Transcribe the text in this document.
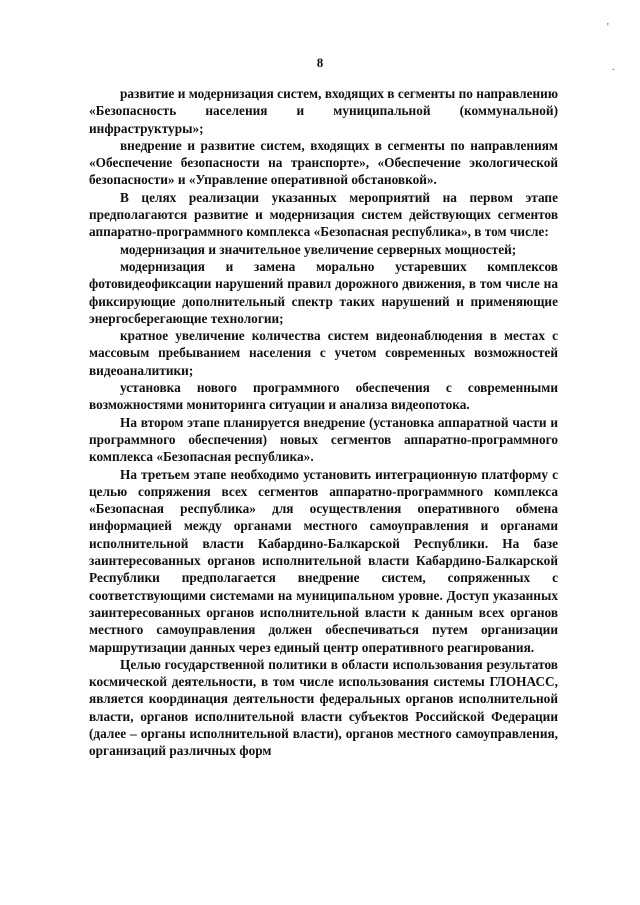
'
.
8

развитие и модернизация систем, входящих в сегменты по направлению «Безопасность населения и муниципальной (коммунальной) инфраструктуры»;

внедрение и развитие систем, входящих в сегменты по направлениям «Обеспечение безопасности на транспорте», «Обеспечение экологической безопасности» и «Управление оперативной обстановкой».

В целях реализации указанных мероприятий на первом этапе предполагаются развитие и модернизация систем действующих сегментов аппаратно-программного комплекса «Безопасная республика», в том числе:

модернизация и значительное увеличение серверных мощностей;

модернизация и замена морально устаревших комплексов фотовидеофиксации нарушений правил дорожного движения, в том числе на фиксирующие дополнительный спектр таких нарушений и применяющие энергосберегающие технологии;

кратное увеличение количества систем видеонаблюдения в местах с массовым пребыванием населения с учетом современных возможностей видеоаналитики;

установка нового программного обеспечения с современными возможностями мониторинга ситуации и анализа видеопотока.

На втором этапе планируется внедрение (установка аппаратной части и программного обеспечения) новых сегментов аппаратно-программного комплекса «Безопасная республика».

На третьем этапе необходимо установить интеграционную платформу с целью сопряжения всех сегментов аппаратно-программного комплекса «Безопасная республика» для осуществления оперативного обмена информацией между органами местного самоуправления и органами исполнительной власти Кабардино-Балкарской Республики. На базе заинтересованных органов исполнительной власти Кабардино-Балкарской Республики предполагается внедрение систем, сопряженных с соответствующими системами на муниципальном уровне. Доступ указанных заинтересованных органов исполнительной власти к данным всех органов местного самоуправления должен обеспечиваться путем организации маршрутизации данных через единый центр оперативного реагирования.

Целью государственной политики в области использования результатов космической деятельности, в том числе использования системы ГЛОНАСС, является координация деятельности федеральных органов исполнительной власти, органов исполнительной власти субъектов Российской Федерации (далее – органы исполнительной власти), органов местного самоуправления, организаций различных форм
